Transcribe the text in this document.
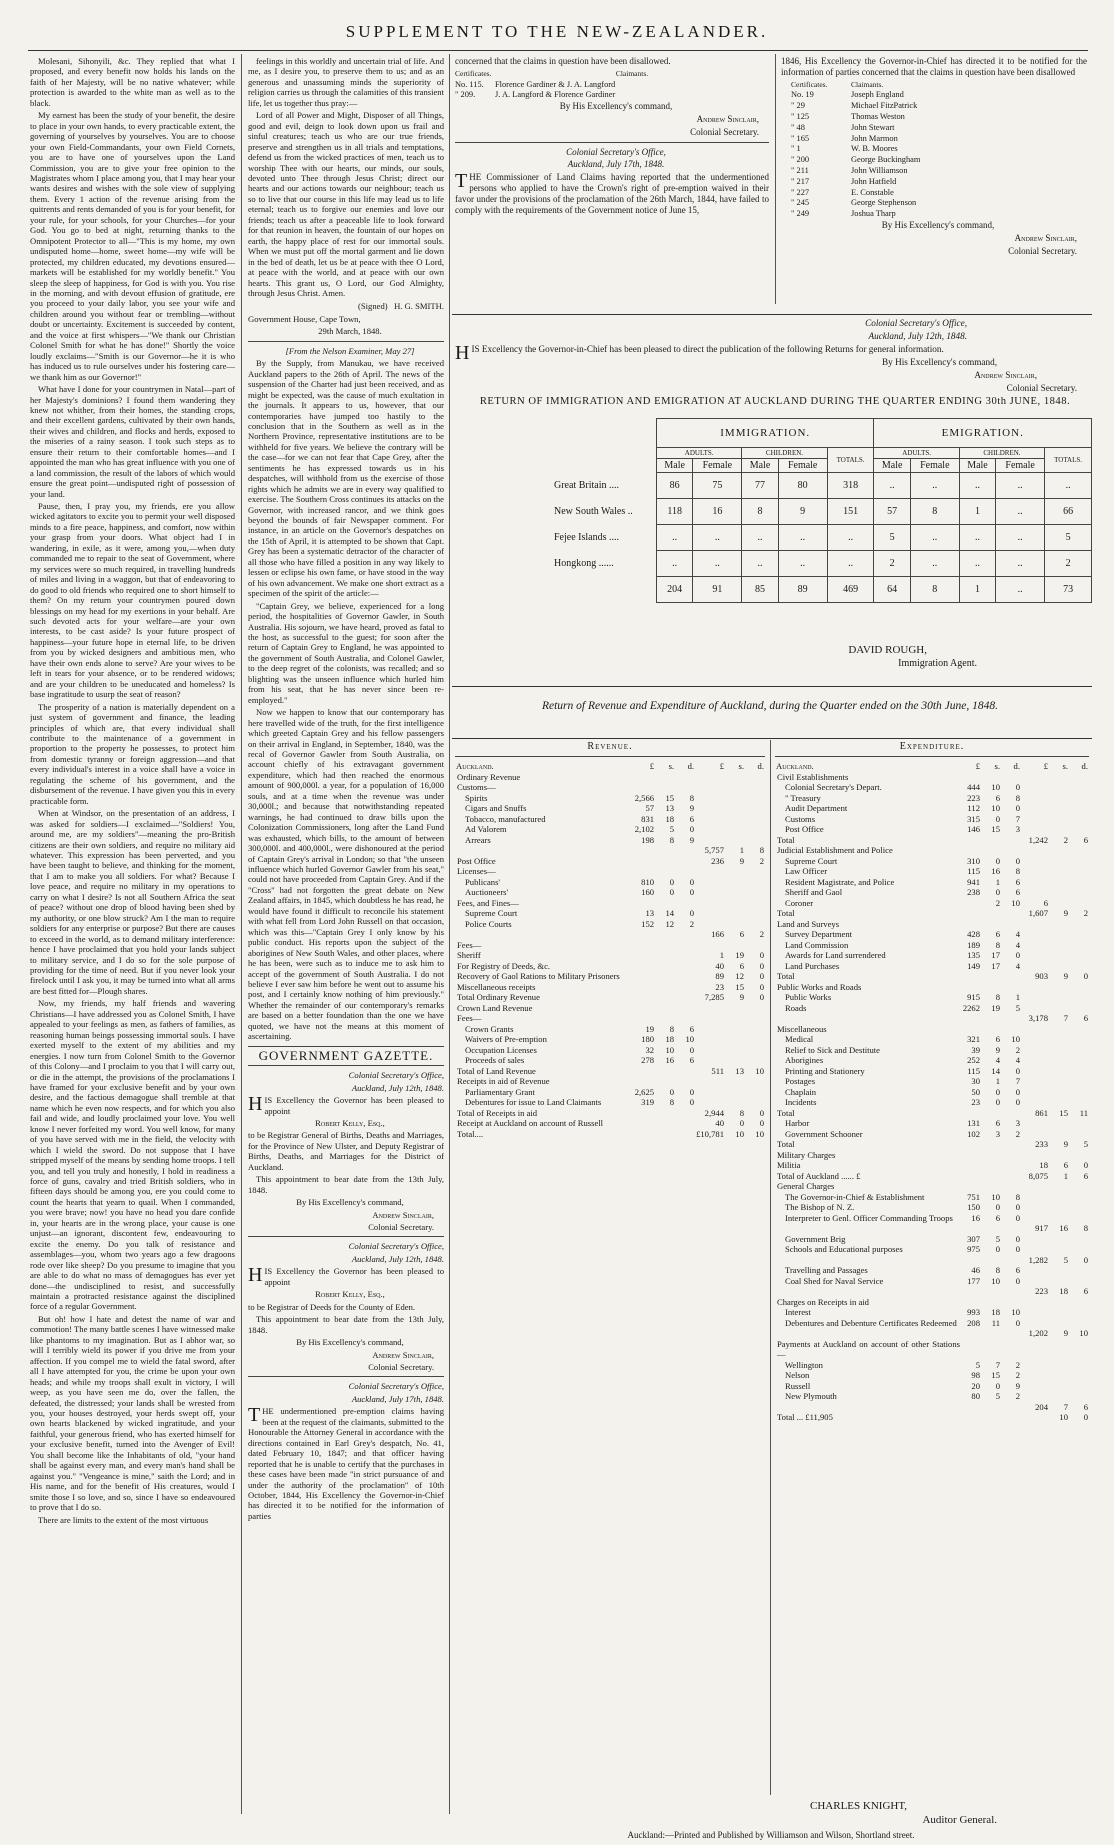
SUPPLEMENT TO THE NEW-ZEALANDER.

Molesani, Sihonyili, &c. They replied that what I proposed, and every benefit now holds his lands on the faith of her Majesty, will be no native whatever; while protection is awarded to the white man as well as to the black.

My earnest has been the study of your benefit, the desire to place in your own hands, to every practicable extent, the governing of yourselves by yourselves. You are to choose your own Field-Commandants, your own Field Cornets, you are to have one of yourselves upon the Land Commission, you are to give your free opinion to the Magistrates whom I place among you, that I may hear your wants desires and wishes with the sole view of supplying them. Every 1 action of the revenue arising from the quitrents and rents demanded of you is for your benefit, for your rule, for your schools, for your Churches—for your God. You go to bed at night, returning thanks to the Omnipotent Protector to all—"This is my home, my own undisputed home—home, sweet home—my wife will be protected, my children educated, my devotions ensured—markets will be established for my worldly benefit." You sleep the sleep of happiness, for God is with you. You rise in the morning, and with devout effusion of gratitude, ere you proceed to your daily labor, you see your wife and children around you without fear or trembling—without doubt or uncertainty. Excitement is succeeded by content, and the voice at first whispers—"We thank our Christian Colonel Smith for what he has done!" Shortly the voice loudly exclaims—"Smith is our Governor—he it is who has induced us to rule ourselves under his fostering care—we thank him as our Governor!"

What have I done for your countrymen in Natal—part of her Majesty's dominions? I found them wandering they knew not whither, from their homes, the standing crops, and their excellent gardens, cultivated by their own hands, their wives and children, and flocks and herds, exposed to the miseries of a rainy season. I took such steps as to ensure their return to their comfortable homes—and I appointed the man who has great influence with you one of a land commission, the result of the labors of which would ensure the great point—undisputed right of possession of your land.

Pause, then, I pray you, my friends, ere you allow wicked agitators to excite you to permit your well disposed minds to a fire peace, happiness, and comfort, now within your grasp from your doors. What object had I in wandering, in exile, as it were, among you,—when duty commanded me to repair to the seat of Government, where my services were so much required, in travelling hundreds of miles and living in a waggon, but that of endeavoring to do good to old friends who required one to short himself to them? On my return your countrymen poured down blessings on my head for my exertions in your behalf. Are such devoted acts for your welfare—are your own interests, to be cast aside? Is your future prospect of happiness—your future hope in eternal life, to be driven from you by wicked designers and ambitious men, who have their own ends alone to serve? Are your wives to be left in tears for your absence, or to be rendered widows; and are your children to be uneducated and homeless? Is base ingratitude to usurp the seat of reason?

The prosperity of a nation is materially dependent on a just system of government and finance, the leading principles of which are, that every individual shall contribute to the maintenance of a government in proportion to the property he possesses, to protect him from domestic tyranny or foreign aggression—and that every individual's interest in a voice shall have a voice in regulating the scheme of his government, and the disbursement of the revenue. I have given you this in every practicable form.

When at Windsor, on the presentation of an address, I was asked for soldiers—I exclaimed—"Soldiers! You, around me, are my soldiers"—meaning the pro-British citizens are their own soldiers, and require no military aid whatever. This expression has been perverted, and you have been taught to believe, and thinking for the moment, that I am to make you all soldiers. For what? Because I love peace, and require no military in my operations to carry on what I desire? Is not all Southern Africa the seat of peace? without one drop of blood having been shed by my authority, or one blow struck? Am I the man to require soldiers for any enterprise or purpose? But there are causes to exceed in the world, as to demand military interference: hence I have proclaimed that you hold your lands subject to military service, and I do so for the sole purpose of providing for the time of need. But if you never look your firelock until I ask you, it may be turned into what all arms are best fitted for—Plough shares.

Now, my friends, my half friends and wavering Christians—I have addressed you as Colonel Smith, I have appealed to your feelings as men, as fathers of families, as reasoning human beings possessing immortal souls. I have exerted myself to the extent of my abilities and my energies. I now turn from Colonel Smith to the Governor of this Colony—and I proclaim to you that I will carry out, or die in the attempt, the provisions of the proclamations I have framed for your exclusive benefit and by your own desire, and the factious demagogue shall tremble at that name which he even now respects, and for which you also fail and wide, and loudly proclaimed your love. You well know I never forfeited my word. You well know, for many of you have served with me in the field, the velocity with which I wield the sword. Do not suppose that I have stripped myself of the means by sending home troops. I tell you, and tell you truly and honestly, I hold in readiness a force of guns, cavalry and tried British soldiers, who in fifteen days should be among you, ere you could come to count the hearts that yearn to quail. When I commanded, you were brave; now! you have no head you dare confide in, your hearts are in the wrong place, your cause is one unjust—an ignorant, discontent few, endeavouring to excite the enemy. Do you talk of resistance and assemblages—you, whom two years ago a few dragoons rode over like sheep? Do you presume to imagine that you are able to do what no mass of demagogues has ever yet done—the undisciplined to resist, and successfully maintain a protracted resistance against the disciplined force of a regular Government.

But oh! how I hate and detest the name of war and commotion! The many battle scenes I have witnessed make like phantoms to my imagination. But as I abhor war, so will I terribly wield its power if you drive me from your affection. If you compel me to wield the fatal sword, after all I have attempted for you, the crime be upon your own heads; and while my troops shall exult in victory, I will weep, as you have seen me do, over the fallen, the defeated, the distressed; your lands shall be wrested from you, your houses destroyed, your herds swept off, your own hearts blackened by wicked ingratitude, and your faithful, your generous friend, who has exerted himself for your exclusive benefit, turned into the Avenger of Evil! You shall become like the Inhabitants of old, "your hand shall be against every man, and every man's hand shall be against you." "Vengeance is mine," saith the Lord; and in His name, and for the benefit of His creatures, would I smite those I so love, and so, since I have so endeavoured to prove that I do so.

There are limits to the extent of the most virtuous

feelings in this worldly and uncertain trial of life. And me, as I desire you, to preserve them to us; and as an generous and unassuming minds the superiority of religion carries us through the calamities of this transient life, let us together thus pray:—

Lord of all Power and Might, Disposer of all Things, good and evil, deign to look down upon us frail and sinful creatures; teach us who are our true friends, preserve and strengthen us in all trials and temptations, defend us from the wicked practices of men, teach us to worship Thee with our hearts, our minds, our souls, devoted unto Thee through Jesus Christ; direct our hearts and our actions towards our neighbour; teach us so to live that our course in this life may lead us to life eternal; teach us to forgive our enemies and love our friends; teach us after a peaceable life to look forward for that reunion in heaven, the fountain of our hopes on earth, the happy place of rest for our immortal souls. When we must put off the mortal garment and lie down in the bed of death, let us be at peace with thee O Lord, at peace with the world, and at peace with our own hearts. This grant us, O Lord, our God Almighty, through Jesus Christ. Amen.

(Signed) H. G. SMITH.

Government House, Cape Town,

29th March, 1848.

[From the Nelson Examiner, May 27]

By the Supply, from Manukau, we have received Auckland papers to the 26th of April. The news of the suspension of the Charter had just been received, and as might be expected, was the cause of much exultation in the journals. It appears to us, however, that our contemporaries have jumped too hastily to the conclusion that in the Southern as well as in the Northern Province, representative institutions are to be withheld for five years. We believe the contrary will be the case—for we can not fear that Cape Grey, after the sentiments he has expressed towards us in his despatches, will withhold from us the exercise of those rights which he admits we are in every way qualified to exercise. The Southern Cross continues its attacks on the Governor, with increased rancor, and we think goes beyond the bounds of fair Newspaper comment. For instance, in an article on the Governor's despatches on the 15th of April, it is attempted to be shown that Capt. Grey has been a systematic detractor of the character of all those who have filled a position in any way likely to lessen or eclipse his own fame, or have stood in the way of his own advancement. We make one short extract as a specimen of the spirit of the article:—

"Captain Grey, we believe, experienced for a long period, the hospitalities of Governor Gawler, in South Australia. His sojourn, we have heard, proved as fatal to the host, as successful to the guest; for soon after the return of Captain Grey to England, he was appointed to the government of South Australia, and Colonel Gawler, to the deep regret of the colonists, was recalled; and so blighting was the unseen influence which hurled him from his seat, that he has never since been re-employed."

Now we happen to know that our contemporary has here travelled wide of the truth, for the first intelligence which greeted Captain Grey and his fellow passengers on their arrival in England, in September, 1840, was the recal of Governor Gawler from South Australia, on account chiefly of his extravagant government expenditure, which had then reached the enormous amount of 900,000l. a year, for a population of 16,000 souls, and at a time when the revenue was under 30,000l.; and because that notwithstanding repeated warnings, he had continued to draw bills upon the Colonization Commissioners, long after the Land Fund was exhausted, which bills, to the amount of between 300,000l. and 400,000l., were dishonoured at the period of Captain Grey's arrival in London; so that "the unseen influence which hurled Governor Gawler from his seat," could not have proceeded from Captain Grey. And if the "Cross" had not forgotten the great debate on New Zealand affairs, in 1845, which doubtless he has read, he would have found it difficult to reconcile his statement with what fell from Lord John Russell on that occasion, which was this—"Captain Grey I only know by his public conduct. His reports upon the subject of the aborigines of New South Wales, and other places, where he has been, were such as to induce me to ask him to accept of the government of South Australia. I do not believe I ever saw him before he went out to assume his post, and I certainly know nothing of him previously." Whether the remainder of our contemporary's remarks are based on a better foundation than the one we have quoted, we have not the means at this moment of ascertaining.

GOVERNMENT GAZETTE.

Colonial Secretary's Office,

Auckland, July 12th, 1848.

HIS Excellency the Governor has been pleased to appoint

Robert Kelly, Esq.,

to be Registrar General of Births, Deaths and Marriages, for the Province of New Ulster, and Deputy Registrar of Births, Deaths, and Marriages for the District of Auckland.

This appointment to bear date from the 13th July, 1848.

By His Excellency's command,

Andrew Sinclair,

Colonial Secretary.

Colonial Secretary's Office,

Auckland, July 12th, 1848.

HIS Excellency the Governor has been pleased to appoint

Robert Kelly, Esq.,

to be Registrar of Deeds for the County of Eden.

This appointment to bear date from the 13th July, 1848.

By His Excellency's command,

Andrew Sinclair,

Colonial Secretary.

Colonial Secretary's Office,

Auckland, July 17th, 1848.

THE undermentioned pre-emption claims having been at the request of the claimants, submitted to the Honourable the Attorney General in accordance with the directions contained in Earl Grey's despatch, No. 41, dated February 10, 1847; and that officer having reported that he is unable to certify that the purchases in these cases have been made "in strict pursuance of and under the authority of the proclamation" of 10th October, 1844, His Excellency the Governor-in-Chief has directed it to be notified for the information of parties

concerned that the claims in question have been disallowed.

Certificates.	Claimants.
No. 115.	Florence Gardiner & J. A. Langford
" 209.	J. A. Langford & Florence Gardiner

By His Excellency's command,

Andrew Sinclair,

Colonial Secretary.

Colonial Secretary's Office,

Auckland, July 17th, 1848.

THE Commissioner of Land Claims having reported that the undermentioned persons who applied to have the Crown's right of pre-emption waived in their favor under the provisions of the proclamation of the 26th March, 1844, have failed to comply with the requirements of the Government notice of June 15,

1846, His Excellency the Governor-in-Chief has directed it to be notified for the information of parties concerned that the claims in question have been disallowed

Certificates.	Claimants.
No. 19	Joseph England
" 29	Michael FitzPatrick
" 125	Thomas Weston
" 48	John Stewart
" 165	John Marmon
" 1	W. B. Moores
" 200	George Buckingham
" 211	John Williamson
" 217	John Hatfield
" 227	E. Constable
" 245	George Stephenson
" 249	Joshua Tharp

By His Excellency's command,

Andrew Sinclair,

Colonial Secretary.

Colonial Secretary's Office,

Auckland, July 12th, 1848.

HIS Excellency the Governor-in-Chief has been pleased to direct the publication of the following Returns for general information.

By His Excellency's command,

Andrew Sinclair,

Colonial Secretary.

RETURN OF IMMIGRATION AND EMIGRATION AT AUCKLAND DURING THE QUARTER ENDING 30th JUNE, 1848.

	IMMIGRATION.					EMIGRATION.				
	ADULTS.		CHILDREN.		TOTALS.	ADULTS.		CHILDREN.		TOTALS.
	Male	Female	Male	Female		Male	Female	Male	Female	
Great Britain ....	86	75	77	80	318	..	..	..	..	..
New South Wales ..	118	16	8	9	151	57	8	1	..	66
Fejee Islands ....	..	..	..	..	..	5	..	..	..	5
Hongkong ......	..	..	..	..	..	2	..	..	..	2
	204	91	85	89	469	64	8	1	..	73

DAVID ROUGH,

Immigration Agent.

Return of Revenue and Expenditure of Auckland, during the Quarter ended on the 30th June, 1848.
Revenue.
Auckland.	£	s.	d.	£	s.	d.
Ordinary Revenue						
Customs—						
Spirits	2,566	15	8			
Cigars and Snuffs	57	13	9			
Tobacco, manufactured	831	18	6			
Ad Valorem	2,102	5	0			
Arrears	198	8	9			
				5,757	1	8
Post Office				236	9	2
Licenses—						
Publicans'	810	0	0			
Auctioneers'	160	0	0			
Fees, and Fines—						
Supreme Court	13	14	0			
Police Courts	152	12	2			
				166	6	2
Fees—						
Sheriff				1	19	0
For Registry of Deeds, &c.				40	6	0
Recovery of Gaol Rations to Military Prisoners				89	12	0
Miscellaneous receipts				23	15	0

Total Ordinary Revenue				7,285	9	0

Crown Land Revenue						
Fees—						
Crown Grants	19	8	6			
Waivers of Pre-emption	180	18	10			
Occupation Licenses	32	10	0			
Proceeds of sales	278	16	6			

Total of Land Revenue				511	13	10

Receipts in aid of Revenue						
Parliamentary Grant	2,625	0	0			
Debentures for issue to Land Claimants	319	8	0			
Total of Receipts in aid				2,944	8	0
Receipt at Auckland on account of Russell				40	0	0

Total....				£10,781	10	10
Expenditure.
Auckland.	£	s.	d.	£	s.	d.
Civil Establishments						
Colonial Secretary's Depart.	444	10	0			
" Treasury	223	6	8			
Audit Department	112	10	0			
Customs	315	0	7			
Post Office	146	15	3			
Total				1,242	2	6
Judicial Establishment and Police						
Supreme Court	310	0	0			
Law Officer	115	16	8			
Resident Magistrate, and Police	941	1	6			
Sheriff and Gaol	238	0	6			
Coroner		2	10	6		
Total				1,607	9	2
Land and Surveys						
Survey Department	428	6	4			
Land Commission	189	8	4			
Awards for Land surrendered	135	17	0			
Land Purchases	149	17	4			
Total				903	9	0
Public Works and Roads						
Public Works	915	8	1			
Roads	2262	19	5			
				3,178	7	6
Miscellaneous						
Medical	321	6	10			
Relief to Sick and Destitute	39	9	2			
Aborigines	252	4	4			
Printing and Stationery	115	14	0			
Postages	30	1	7			
Chaplain	50	0	0			
Incidents	23	0	0			
Total				861	15	11
Harbor	131	6	3			
Government Schooner	102	3	2			
Total				233	9	5
Military Charges						
Militia				18	6	0
Total of Auckland ...... £				8,075	1	6
General Charges						
The Governor-in-Chief & Establishment	751	10	8			
The Bishop of N. Z.	150	0	0			
Interpreter to Genl. Officer Commanding Troops	16	6	0			
				917	16	8
Government Brig	307	5	0			
Schools and Educational purposes	975	0	0			
				1,282	5	0
Travelling and Passages	46	8	6			
Coal Shed for Naval Service	177	10	0			
				223	18	6
Charges on Receipts in aid						
Interest	993	18	10			
Debentures and Debenture Certificates Redeemed	208	11	0			
				1,202	9	10
Payments at Auckland on account of other Stations—						
Wellington	5	7	2			
Nelson	98	15	2			
Russell	20	0	9			
New Plymouth	80	5	2			
				204	7	6
Total ... £11,905					10	0

CHARLES KNIGHT,

Auditor General.

Auckland:—Printed and Published by Williamson and Wilson, Shortland street.
